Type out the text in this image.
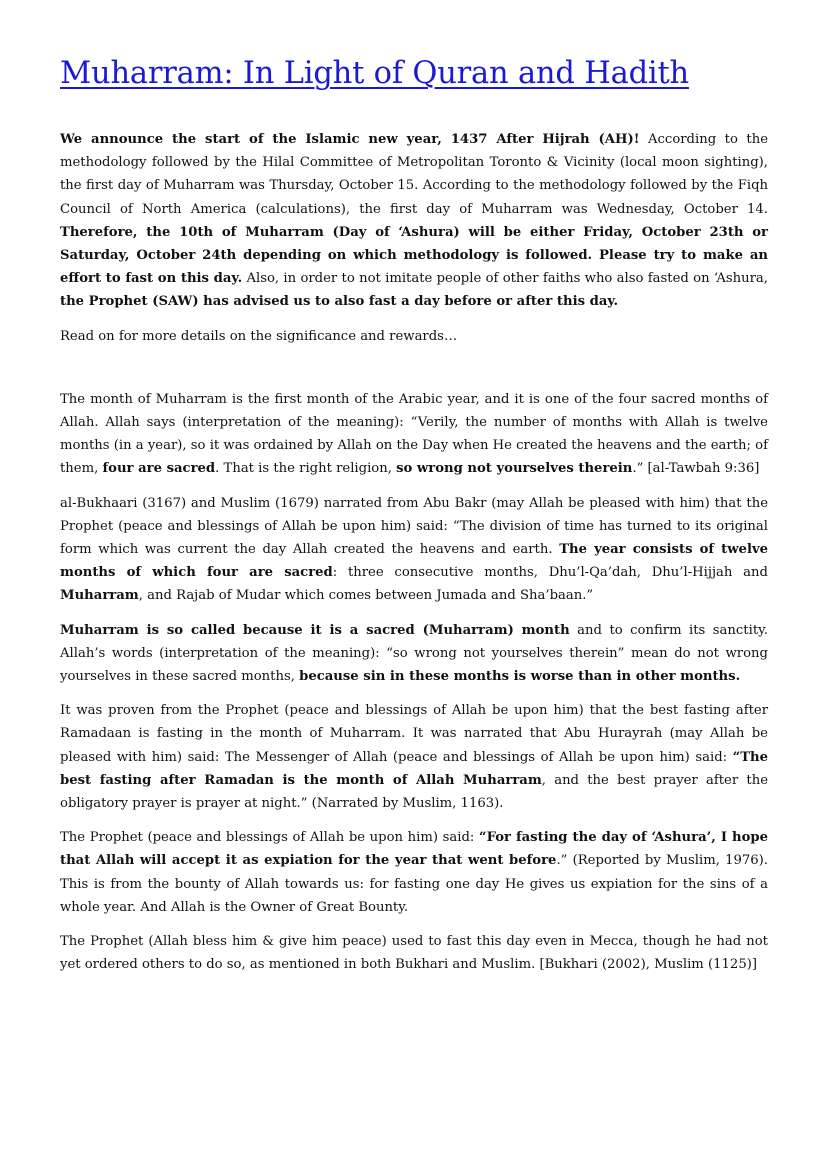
Muharram: In Light of Quran and Hadith

We announce the start of the Islamic new year, 1437 After Hijrah (AH)! According to the methodology followed by the Hilal Committee of Metropolitan Toronto & Vicinity (local moon sighting), the first day of Muharram was Thursday, October 15. According to the methodology followed by the Fiqh Council of North America (calculations), the first day of Muharram was Wednesday, October 14. Therefore, the 10th of Muharram (Day of ‘Ashura) will be either Friday, October 23th or Saturday, October 24th depending on which methodology is followed. Please try to make an effort to fast on this day. Also, in order to not imitate people of other faiths who also fasted on ‘Ashura, the Prophet (SAW) has advised us to also fast a day before or after this day.

Read on for more details on the significance and rewards…

The month of Muharram is the first month of the Arabic year, and it is one of the four sacred months of Allah. Allah says (interpretation of the meaning): “Verily, the number of months with Allah is twelve months (in a year), so it was ordained by Allah on the Day when He created the heavens and the earth; of them, four are sacred. That is the right religion, so wrong not yourselves therein.” [al-Tawbah 9:36]

al-Bukhaari (3167) and Muslim (1679) narrated from Abu Bakr (may Allah be pleased with him) that the Prophet (peace and blessings of Allah be upon him) said: “The division of time has turned to its original form which was current the day Allah created the heavens and earth. The year consists of twelve months of which four are sacred: three consecutive months, Dhu’l-Qa’dah, Dhu’l-Hijjah and Muharram, and Rajab of Mudar which comes between Jumada and Sha’baan.”

Muharram is so called because it is a sacred (Muharram) month and to confirm its sanctity. Allah’s words (interpretation of the meaning): “so wrong not yourselves therein” mean do not wrong yourselves in these sacred months, because sin in these months is worse than in other months.

It was proven from the Prophet (peace and blessings of Allah be upon him) that the best fasting after Ramadaan is fasting in the month of Muharram. It was narrated that Abu Hurayrah (may Allah be pleased with him) said: The Messenger of Allah (peace and blessings of Allah be upon him) said: “The best fasting after Ramadan is the month of Allah Muharram, and the best prayer after the obligatory prayer is prayer at night.” (Narrated by Muslim, 1163).

The Prophet (peace and blessings of Allah be upon him) said: “For fasting the day of ‘Ashura’, I hope that Allah will accept it as expiation for the year that went before.” (Reported by Muslim, 1976). This is from the bounty of Allah towards us: for fasting one day He gives us expiation for the sins of a whole year. And Allah is the Owner of Great Bounty.

The Prophet (Allah bless him & give him peace) used to fast this day even in Mecca, though he had not yet ordered others to do so, as mentioned in both Bukhari and Muslim. [Bukhari (2002), Muslim (1125)]
